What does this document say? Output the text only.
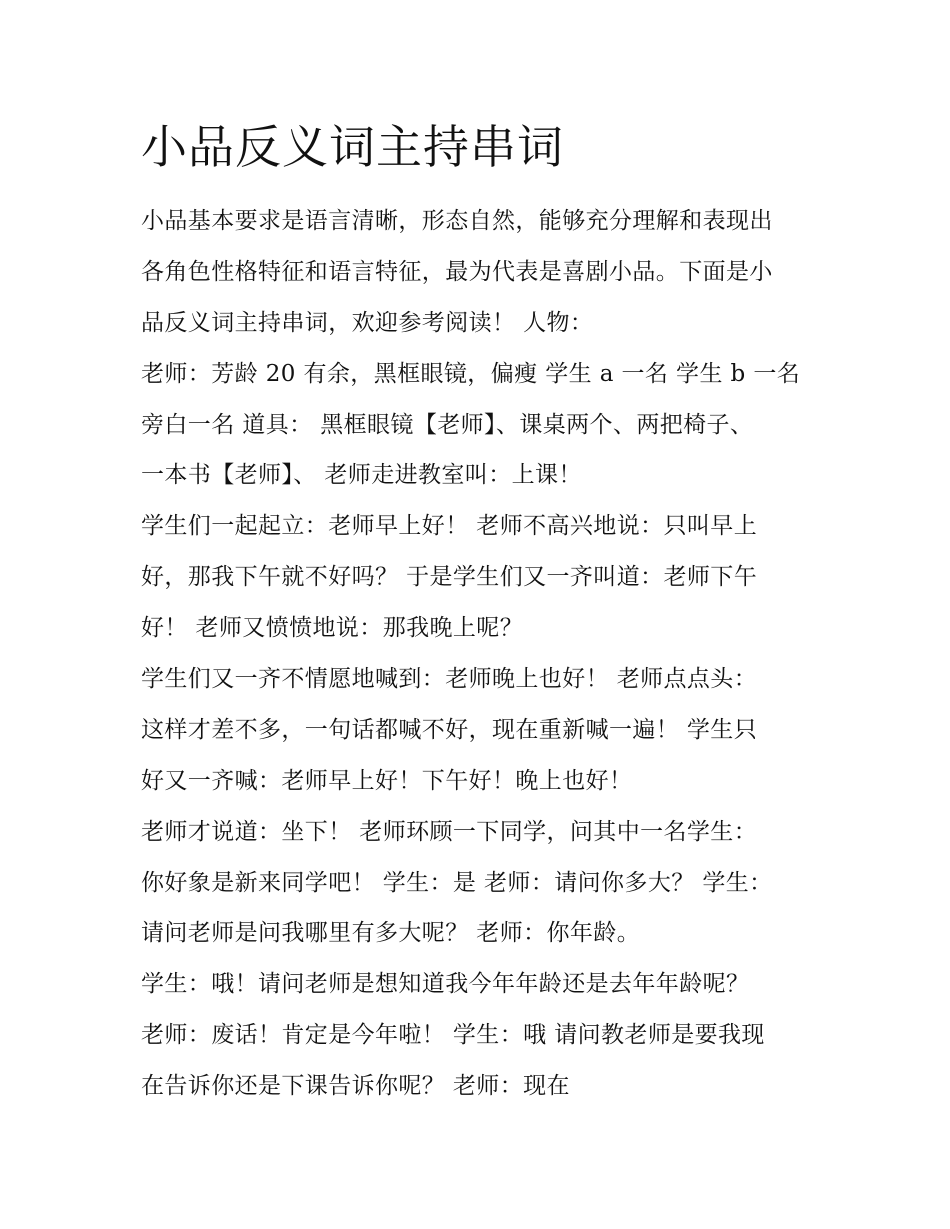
小品反义词主持串词
小品基本要求是语言清晰，形态自然，能够充分理解和表现出
各角色性格特征和语言特征，最为代表是喜剧小品。下面是小
品反义词主持串词，欢迎参考阅读！ 人物：
老师：芳龄 20 有余，黑框眼镜，偏瘦 学生 a 一名 学生 b 一名
旁白一名 道具： 黑框眼镜【老师】、课桌两个、两把椅子、
一本书【老师】、 老师走进教室叫：上课！
学生们一起起立：老师早上好！ 老师不高兴地说：只叫早上
好，那我下午就不好吗？ 于是学生们又一齐叫道：老师下午
好！ 老师又愤愤地说：那我晚上呢？
学生们又一齐不情愿地喊到：老师晚上也好！ 老师点点头：
这样才差不多，一句话都喊不好，现在重新喊一遍！ 学生只
好又一齐喊：老师早上好！下午好！晚上也好！
老师才说道：坐下！ 老师环顾一下同学，问其中一名学生：
你好象是新来同学吧！ 学生：是 老师：请问你多大？ 学生：
请问老师是问我哪里有多大呢？ 老师：你年龄。
学生：哦！请问老师是想知道我今年年龄还是去年年龄呢？
老师：废话！肯定是今年啦！ 学生：哦 请问教老师是要我现
在告诉你还是下课告诉你呢？ 老师：现在
